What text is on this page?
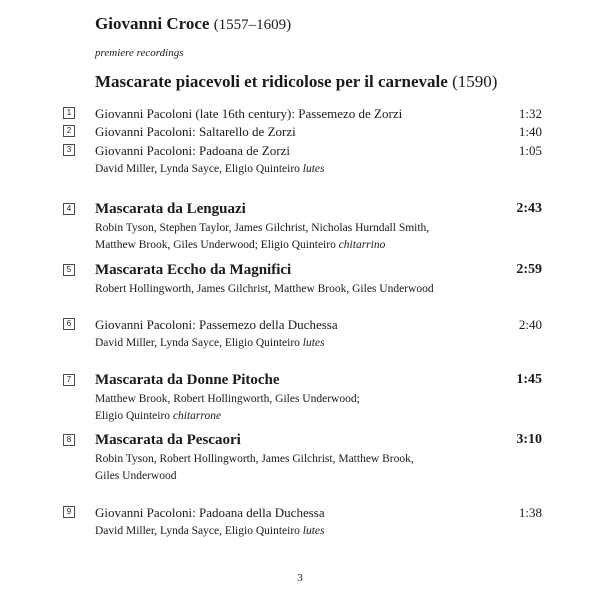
Giovanni Croce (1557–1609)
premiere recordings
Mascarate piacevoli et ridicolose per il carnevale (1590)
1 Giovanni Pacoloni (late 16th century): Passemezo de Zorzi	1:32
2 Giovanni Pacoloni: Saltarello de Zorzi	1:40
3 Giovanni Pacoloni: Padoana de Zorzi	1:05
David Miller, Lynda Sayce, Eligio Quinteiro lutes
4 Mascarata da Lenguazi	2:43
Robin Tyson, Stephen Taylor, James Gilchrist, Nicholas Hurndall Smith,
Matthew Brook, Giles Underwood; Eligio Quinteiro chitarrino
5 Mascarata Eccho da Magnifici	2:59
Robert Hollingworth, James Gilchrist, Matthew Brook, Giles Underwood
6 Giovanni Pacoloni: Passemezo della Duchessa	2:40
David Miller, Lynda Sayce, Eligio Quinteiro lutes
7 Mascarata da Donne Pitoche	1:45
Matthew Brook, Robert Hollingworth, Giles Underwood;
Eligio Quinteiro chitarrone
8 Mascarata da Pescaori	3:10
Robin Tyson, Robert Hollingworth, James Gilchrist, Matthew Brook,
Giles Underwood
9 Giovanni Pacoloni: Padoana della Duchessa	1:38
David Miller, Lynda Sayce, Eligio Quinteiro lutes
3
